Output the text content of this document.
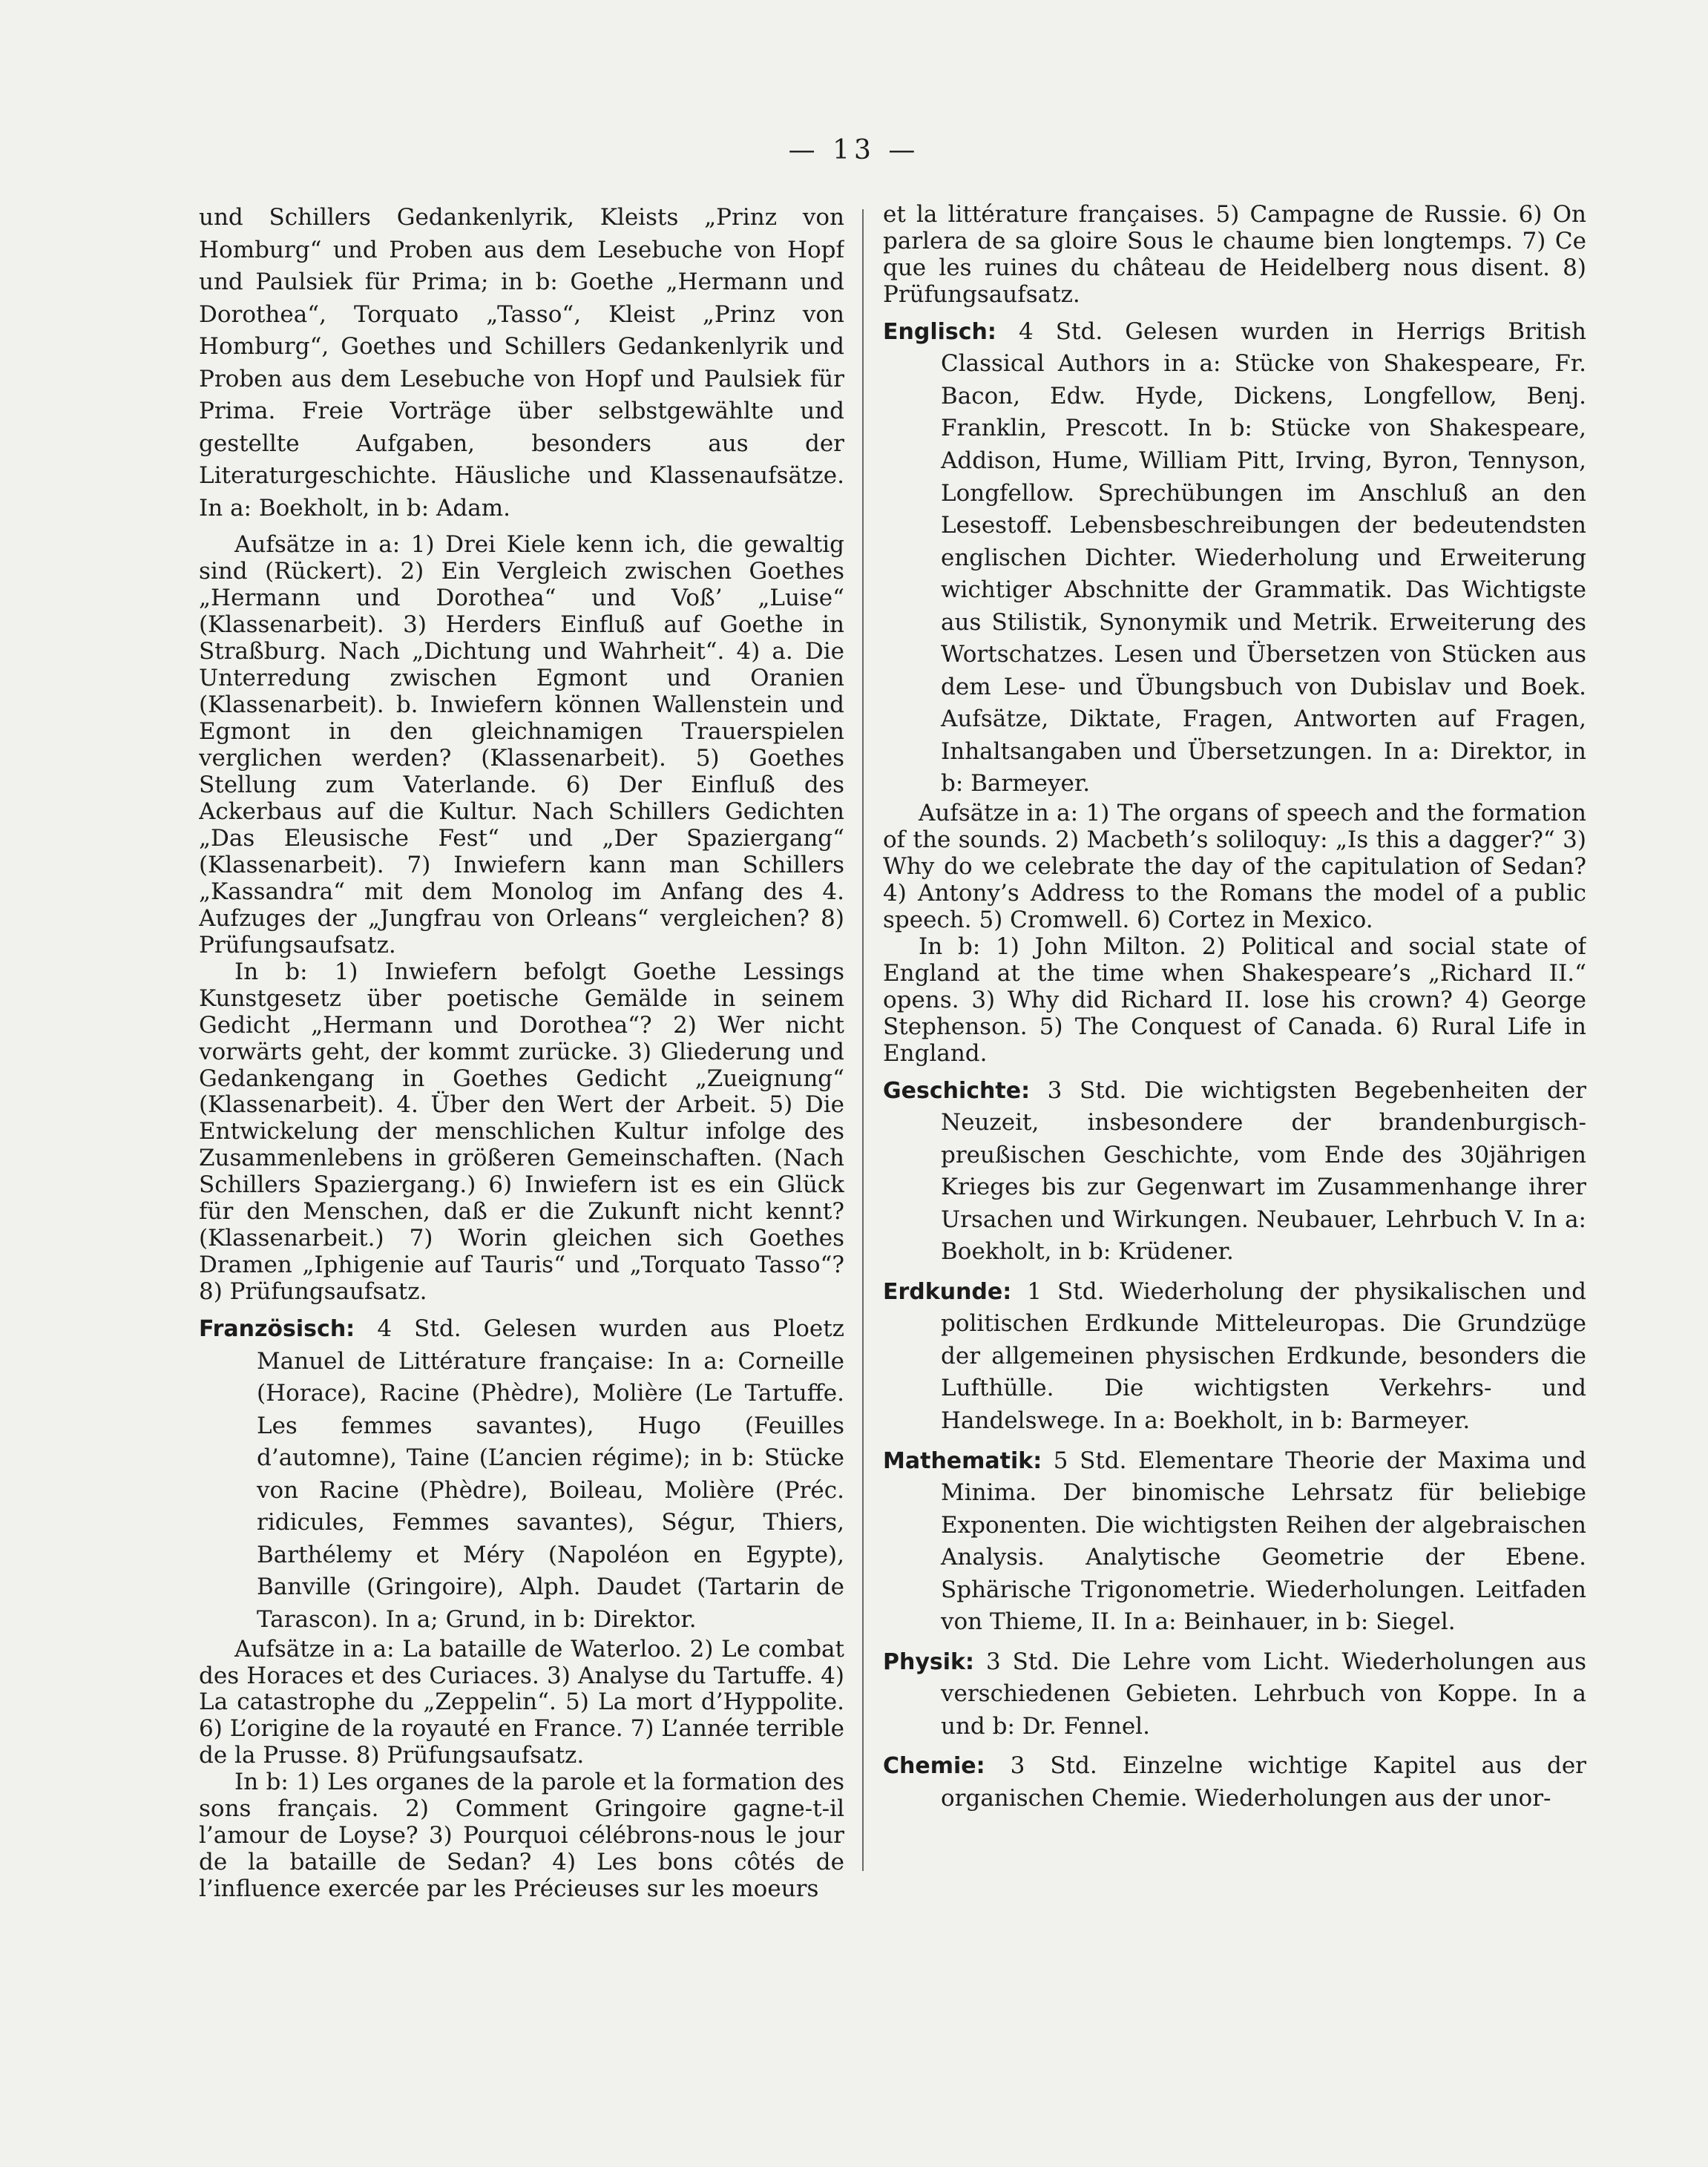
— 13 —

und Schillers Gedankenlyrik, Kleists „Prinz von Homburg“ und Proben aus dem Lesebuche von Hopf und Paulsiek für Prima; in b: Goethe „Hermann und Dorothea“, Torquato „Tasso“, Kleist „Prinz von Homburg“, Goethes und Schillers Gedankenlyrik und Proben aus dem Lesebuche von Hopf und Paulsiek für Prima. Freie Vorträge über selbstgewählte und gestellte Aufgaben, besonders aus der Literaturgeschichte. Häusliche und Klassenaufsätze. In a: Boekholt, in b: Adam.

Aufsätze in a: 1) Drei Kiele kenn ich, die gewaltig sind (Rückert). 2) Ein Vergleich zwischen Goethes „Hermann und Dorothea“ und Voß’ „Luise“ (Klassenarbeit). 3) Herders Einfluß auf Goethe in Straßburg. Nach „Dichtung und Wahrheit“. 4) a. Die Unterredung zwischen Egmont und Oranien (Klassenarbeit). b. Inwiefern können Wallenstein und Egmont in den gleichnamigen Trauerspielen verglichen werden? (Klassenarbeit). 5) Goethes Stellung zum Vaterlande. 6) Der Einfluß des Ackerbaus auf die Kultur. Nach Schillers Gedichten „Das Eleusische Fest“ und „Der Spaziergang“ (Klassenarbeit). 7) Inwiefern kann man Schillers „Kassandra“ mit dem Monolog im Anfang des 4. Aufzuges der „Jungfrau von Orleans“ vergleichen? 8) Prüfungsaufsatz.

In b: 1) Inwiefern befolgt Goethe Lessings Kunstgesetz über poetische Gemälde in seinem Gedicht „Hermann und Dorothea“? 2) Wer nicht vorwärts geht, der kommt zurücke. 3) Gliederung und Gedankengang in Goethes Gedicht „Zueignung“ (Klassenarbeit). 4. Über den Wert der Arbeit. 5) Die Entwickelung der menschlichen Kultur infolge des Zusammenlebens in größeren Gemeinschaften. (Nach Schillers Spaziergang.) 6) Inwiefern ist es ein Glück für den Menschen, daß er die Zukunft nicht kennt? (Klassenarbeit.) 7) Worin gleichen sich Goethes Dramen „Iphigenie auf Tauris“ und „Torquato Tasso“? 8) Prüfungsaufsatz.

Französisch: 4 Std. Gelesen wurden aus Ploetz Manuel de Littérature française: In a: Corneille (Horace), Racine (Phèdre), Molière (Le Tartuffe. Les femmes savantes), Hugo (Feuilles d’automne), Taine (L’ancien régime); in b: Stücke von Racine (Phèdre), Boileau, Molière (Préc. ridicules, Femmes savantes), Ségur, Thiers, Barthélemy et Méry (Napoléon en Egypte), Banville (Gringoire), Alph. Daudet (Tartarin de Tarascon). In a; Grund, in b: Direktor.

Aufsätze in a: La bataille de Waterloo. 2) Le combat des Horaces et des Curiaces. 3) Analyse du Tartuffe. 4) La catastrophe du „Zeppelin“. 5) La mort d’Hyppolite. 6) L’origine de la royauté en France. 7) L’année terrible de la Prusse. 8) Prüfungsaufsatz.

In b: 1) Les organes de la parole et la formation des sons français. 2) Comment Gringoire gagne-t-il l’amour de Loyse? 3) Pourquoi célébrons-nous le jour de la bataille de Sedan? 4) Les bons côtés de l’influence exercée par les Précieuses sur les moeurs

et la littérature françaises. 5) Campagne de Russie. 6) On parlera de sa gloire Sous le chaume bien longtemps. 7) Ce que les ruines du château de Heidelberg nous disent. 8) Prüfungsaufsatz.

Englisch: 4 Std. Gelesen wurden in Herrigs British Classical Authors in a: Stücke von Shakespeare, Fr. Bacon, Edw. Hyde, Dickens, Longfellow, Benj. Franklin, Prescott. In b: Stücke von Shakespeare, Addison, Hume, William Pitt, Irving, Byron, Tennyson, Longfellow. Sprechübungen im Anschluß an den Lesestoff. Lebensbeschreibungen der bedeutendsten englischen Dichter. Wiederholung und Erweiterung wichtiger Abschnitte der Grammatik. Das Wichtigste aus Stilistik, Synonymik und Metrik. Erweiterung des Wortschatzes. Lesen und Übersetzen von Stücken aus dem Lese- und Übungsbuch von Dubislav und Boek. Aufsätze, Diktate, Fragen, Antworten auf Fragen, Inhaltsangaben und Übersetzungen. In a: Direktor, in b: Barmeyer.

Aufsätze in a: 1) The organs of speech and the formation of the sounds. 2) Macbeth’s soliloquy: „Is this a dagger?“ 3) Why do we celebrate the day of the capitulation of Sedan? 4) Antony’s Address to the Romans the model of a public speech. 5) Cromwell. 6) Cortez in Mexico.

In b: 1) John Milton. 2) Political and social state of England at the time when Shakespeare’s „Richard II.“ opens. 3) Why did Richard II. lose his crown? 4) George Stephenson. 5) The Conquest of Canada. 6) Rural Life in England.

Geschichte: 3 Std. Die wichtigsten Begebenheiten der Neuzeit, insbesondere der brandenburgisch-preußischen Geschichte, vom Ende des 30jährigen Krieges bis zur Gegenwart im Zusammenhange ihrer Ursachen und Wirkungen. Neubauer, Lehrbuch V. In a: Boekholt, in b: Krüdener.

Erdkunde: 1 Std. Wiederholung der physikalischen und politischen Erdkunde Mitteleuropas. Die Grundzüge der allgemeinen physischen Erdkunde, besonders die Lufthülle. Die wichtigsten Verkehrs- und Handelswege. In a: Boekholt, in b: Barmeyer.

Mathematik: 5 Std. Elementare Theorie der Maxima und Minima. Der binomische Lehrsatz für beliebige Exponenten. Die wichtigsten Reihen der algebraischen Analysis. Analytische Geometrie der Ebene. Sphärische Trigonometrie. Wiederholungen. Leitfaden von Thieme, II. In a: Beinhauer, in b: Siegel.

Physik: 3 Std. Die Lehre vom Licht. Wiederholungen aus verschiedenen Gebieten. Lehrbuch von Koppe. In a und b: Dr. Fennel.

Chemie: 3 Std. Einzelne wichtige Kapitel aus der organischen Chemie. Wiederholungen aus der unor-
